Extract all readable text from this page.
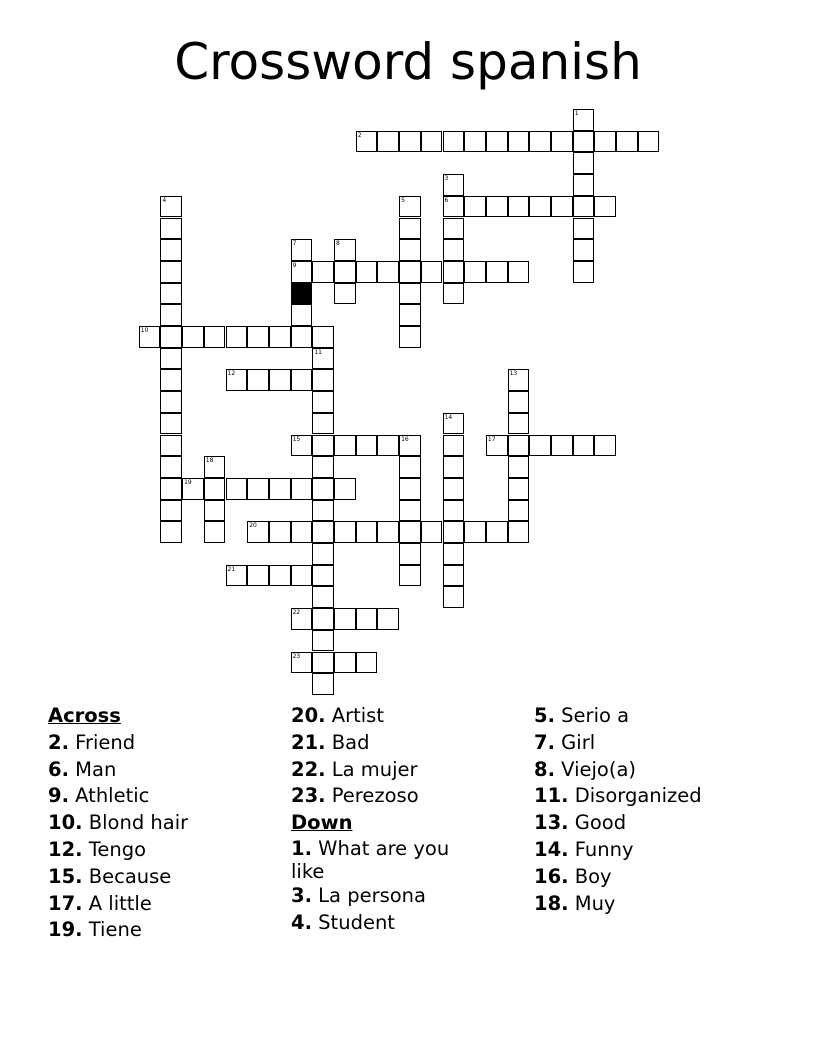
Crossword spanish
1
2
3
6
4	5
7
9
8
10
11
12	13
14
15	16	17
18
19
20
21
22
23
Across
2. Friend
6. Man
9. Athletic
10. Blond hair
12. Tengo
15. Because
17. A little
19. Tiene
20. Artist
21. Bad
22. La mujer
23. Perezoso
Down
1. What are you like
3. La persona
4. Student
5. Serio a
7. Girl
8. Viejo(a)
11. Disorganized
13. Good
14. Funny
16. Boy
18. Muy
